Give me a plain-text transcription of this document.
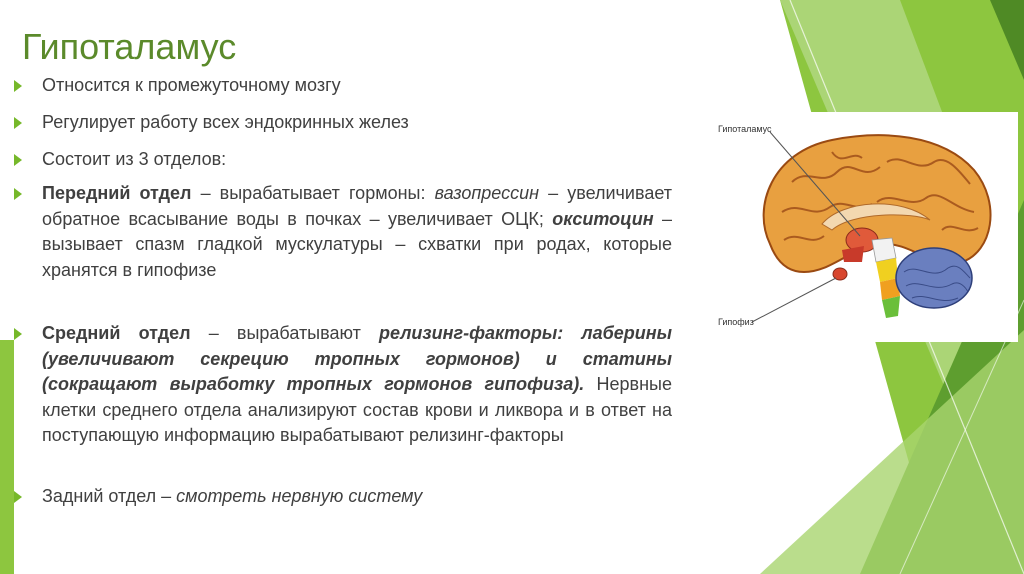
Гипоталамус
Относится к промежуточному мозгу
Регулирует работу всех эндокринных желез
Состоит из 3 отделов:
Передний отдел – вырабатывает гормоны: вазопрессин – увеличивает обратное всасывание воды в почках – увеличивает ОЦК; окситоцин – вызывает спазм гладкой мускулатуры – схватки при родах, которые хранятся в гипофизе
Средний отдел – вырабатывают релизинг-факторы: лаберины (увеличивают секрецию тропных гормонов) и статины (сокращают выработку тропных гормонов гипофиза). Нервные клетки среднего отдела анализируют состав крови и ликвора и в ответ на поступающую информацию вырабатывают релизинг-факторы
Задний отдел – смотреть нервную систему
Гипоталамус
Гипофиз
